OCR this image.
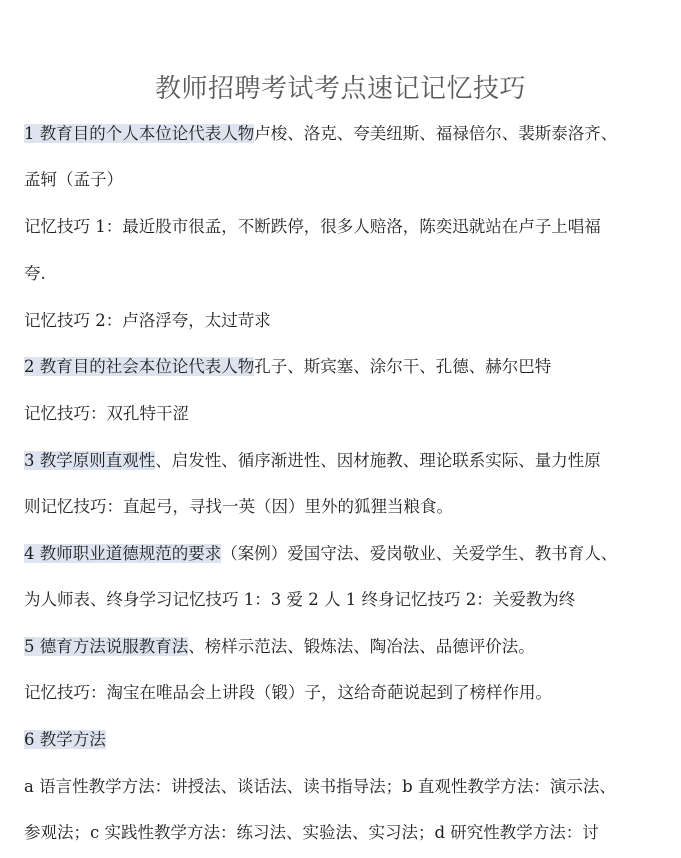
教师招聘考试考点速记记忆技巧
1 教育目的个人本位论代表人物卢梭、洛克、夸美纽斯、福禄倍尔、裴斯泰洛齐、
孟轲（孟子）
记忆技巧 1：最近股市很孟，不断跌停，很多人赔洛，陈奕迅就站在卢子上唱福
夸.
记忆技巧 2：卢洛浮夸，太过苛求
2 教育目的社会本位论代表人物孔子、斯宾塞、涂尔干、孔德、赫尔巴特
记忆技巧：双孔特干涩
3 教学原则直观性、启发性、循序渐进性、因材施教、理论联系实际、量力性原
则记忆技巧：直起弓，寻找一英（因）里外的狐狸当粮食。
4 教师职业道德规范的要求（案例）爱国守法、爱岗敬业、关爱学生、教书育人、
为人师表、终身学习记忆技巧 1：3 爱 2 人 1 终身记忆技巧 2：关爱教为终
5 德育方法说服教育法、榜样示范法、锻炼法、陶冶法、品德评价法。
记忆技巧：淘宝在唯品会上讲段（锻）子，这给奇葩说起到了榜样作用。
6 教学方法
a 语言性教学方法：讲授法、谈话法、读书指导法；b 直观性教学方法：演示法、
参观法；c 实践性教学方法：练习法、实验法、实习法；d 研究性教学方法：讨
